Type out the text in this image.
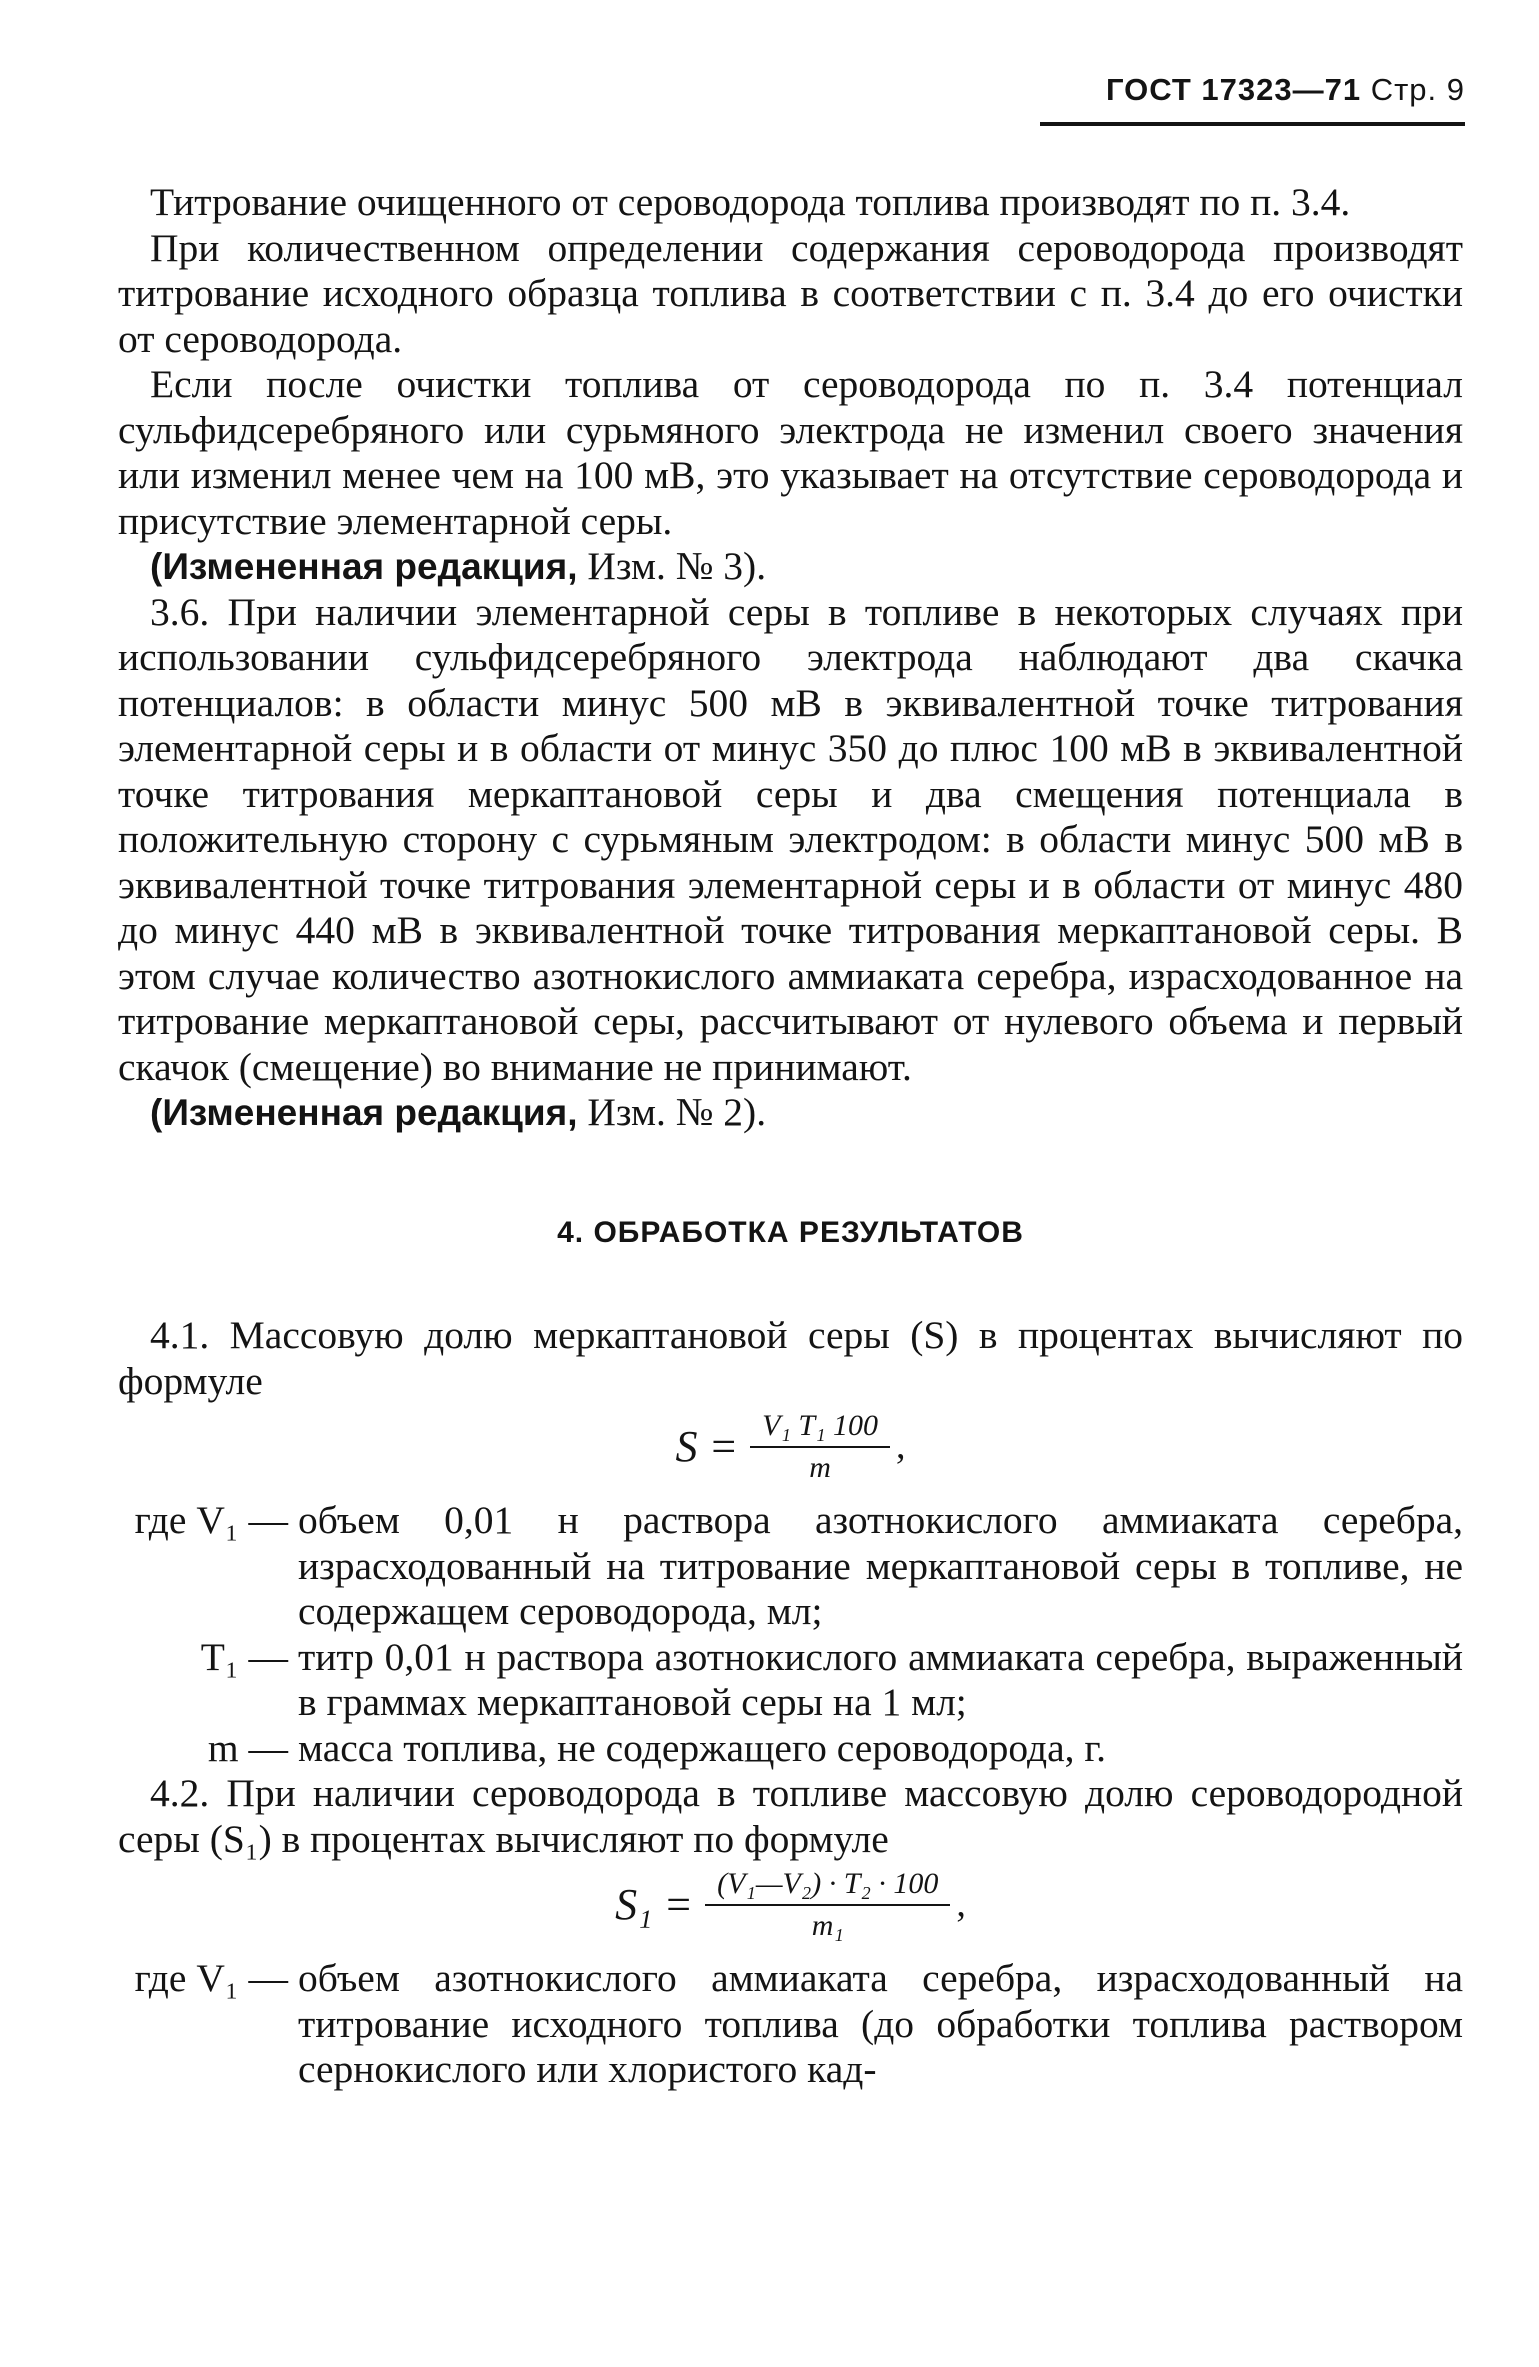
ГОСТ 17323—71 Стр. 9

Титрование очищенного от сероводорода топлива производят по п. 3.4.

При количественном определении содержания сероводорода производят титрование исходного образца топлива в соответствии с п. 3.4 до его очистки от сероводорода.

Если после очистки топлива от сероводорода по п. 3.4 потенциал сульфидсеребряного или сурьмяного электрода не изменил своего значения или изменил менее чем на 100 мВ, это указывает на отсутствие сероводорода и присутствие элементарной серы.

(Измененная редакция, Изм. № 3).

3.6. При наличии элементарной серы в топливе в некоторых случаях при использовании сульфидсеребряного электрода наблюдают два скачка потенциалов: в области минус 500 мВ в эквивалентной точке титрования элементарной серы и в области от минус 350 до плюс 100 мВ в эквивалентной точке титрования меркаптановой серы и два смещения потенциала в положительную сторону с сурьмяным электродом: в области минус 500 мВ в эквивалентной точке титрования элементарной серы и в области от минус 480 до минус 440 мВ в эквивалентной точке титрования меркаптановой серы. В этом случае количество азотнокислого аммиаката серебра, израсходованное на титрование меркаптановой серы, рассчитывают от нулевого объема и первый скачок (смещение) во внимание не принимают.

(Измененная редакция, Изм. № 2).

4. ОБРАБОТКА РЕЗУЛЬТАТОВ

4.1. Массовую долю меркаптановой серы (S) в процентах вычисляют по формуле

$S = \frac{\text{V₁ T₁ 100}}{m}$ ,
где V₁ — объем 0,01 н раствора азотнокислого аммиаката серебра, израсходованный на титрование меркаптановой серы в топливе, не содержащем сероводорода, мл;
T₁ — титр 0,01 н раствора азотнокислого аммиаката серебра, выраженный в граммах меркаптановой серы на 1 мл;
m — масса топлива, не содержащего сероводорода, г.

4.2. При наличии сероводорода в топливе массовую долю сероводородной серы (S₁) в процентах вычисляют по формуле

$S_1 = \frac{\text{(V₁—V₂) · T₂ · 100}}{\text{m₁}}$ ,
где V₁ — объем азотнокислого аммиаката серебра, израсходованный на титрование исходного топлива (до обработки топлива раствором сернокислого или хлористого кад-
